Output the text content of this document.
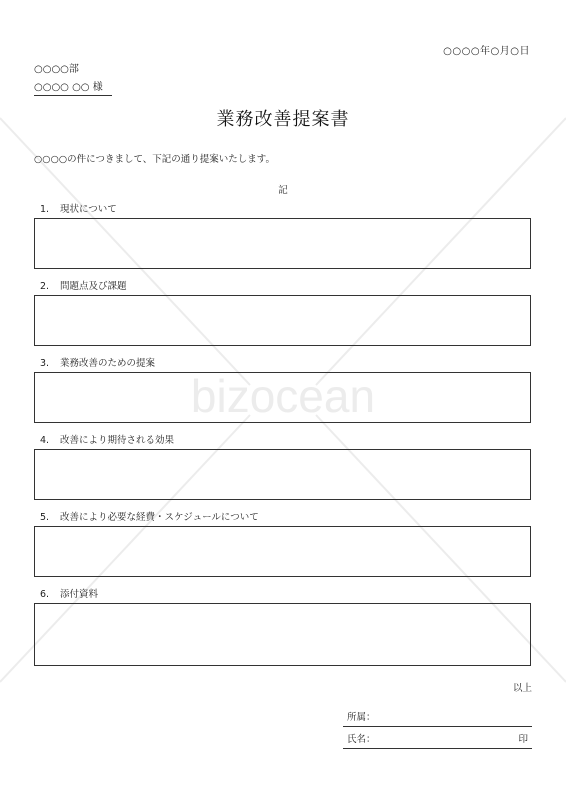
bizocean
○○○○年○月○日
○○○○部
○○○○ ○○ 様
業務改善提案書
○○○○の件につきまして、下記の通り提案いたします。
記
1. 現状について
2. 問題点及び課題
3. 業務改善のための提案
4. 改善により期待される効果
5. 改善により必要な経費・スケジュールについて
6. 添付資料
以上
所属：
氏名：	印
